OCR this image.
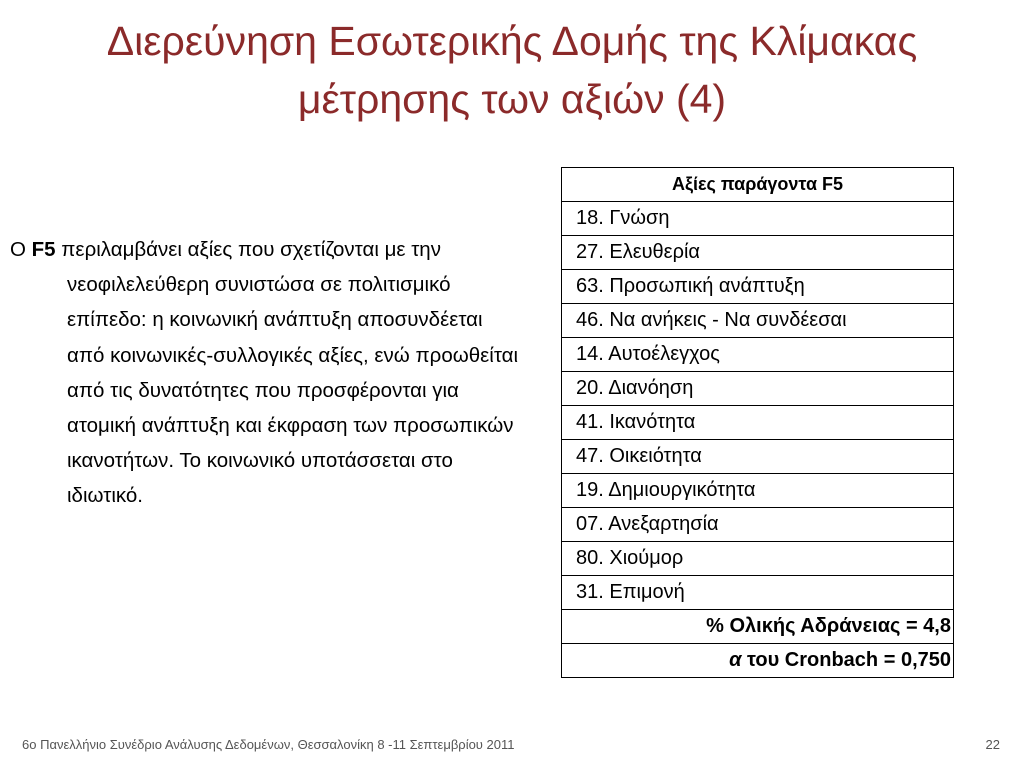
Διερεύνηση Εσωτερικής Δομής της Κλίμακας
μέτρησης των αξιών (4)

Ο F5 περιλαμβάνει αξίες που σχετίζονται με την νεοφιλελεύθερη συνιστώσα σε πολιτισμικό επίπεδο: η κοινωνική ανάπτυξη αποσυνδέεται από κοινωνικές-συλλογικές αξίες, ενώ προωθείται από τις δυνατότητες που προσφέρονται για ατομική ανάπτυξη και έκφραση των προσωπικών ικανοτήτων. Το κοινωνικό υποτάσσεται στο ιδιωτικό.

Αξίες παράγοντα F5
18. Γνώση
27. Ελευθερία
63. Προσωπική ανάπτυξη
46. Να ανήκεις - Να συνδέεσαι
14. Αυτοέλεγχος
20. Διανόηση
41. Ικανότητα
47. Οικειότητα
19. Δημιουργικότητα
07. Ανεξαρτησία
80. Χιούμορ
31. Επιμονή
% Ολικής Αδράνειας = 4,8
α του Cronbach = 0,750
6ο Πανελλήνιο Συνέδριο Ανάλυσης Δεδομένων, Θεσσαλονίκη 8 -11 Σεπτεμβρίου 2011	22
